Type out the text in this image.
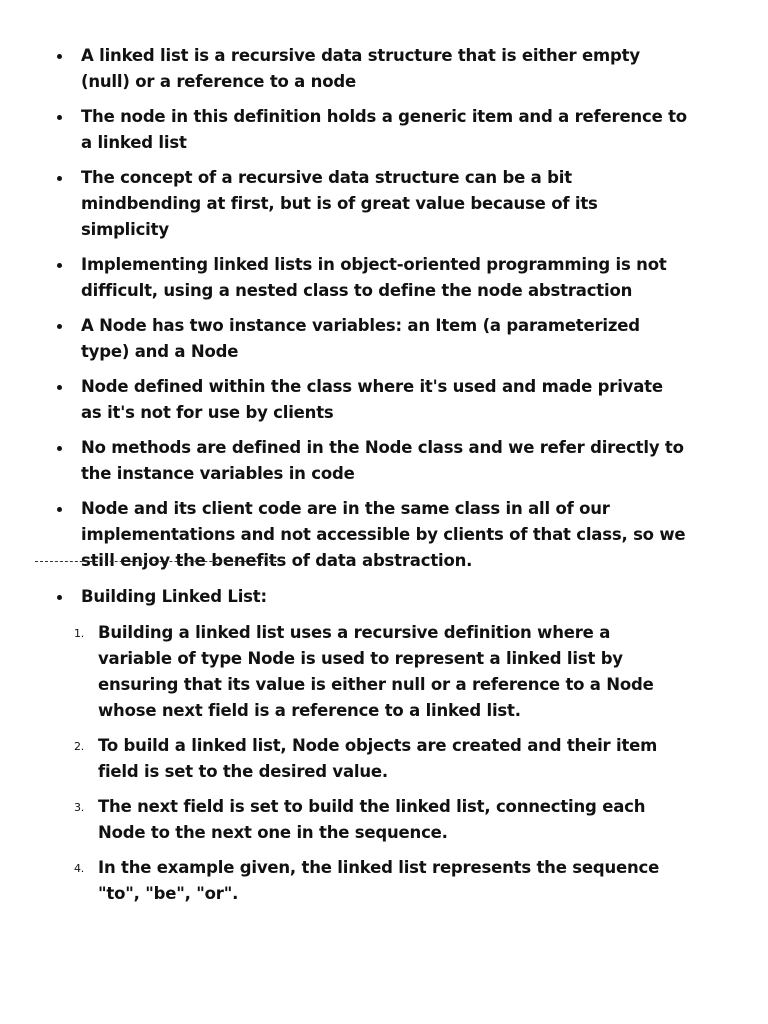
A linked list is a recursive data structure that is either empty (null) or a reference to a node
The node in this definition holds a generic item and a reference to a linked list
The concept of a recursive data structure can be a bit mindbending at first, but is of great value because of its simplicity
Implementing linked lists in object-oriented programming is not difficult, using a nested class to define the node abstraction
A Node has two instance variables: an Item (a parameterized type) and a Node
Node defined within the class where it's used and made private as it's not for use by clients
No methods are defined in the Node class and we refer directly to the instance variables in code
Node and its client code are in the same class in all of our implementations and not accessible by clients of that class, so we still enjoy the benefits of data abstraction.
Building Linked List:
1. Building a linked list uses a recursive definition where a variable of type Node is used to represent a linked list by ensuring that its value is either null or a reference to a Node whose next field is a reference to a linked list.
2. To build a linked list, Node objects are created and their item field is set to the desired value.
3. The next field is set to build the linked list, connecting each Node to the next one in the sequence.
4. In the example given, the linked list represents the sequence "to", "be", "or".
